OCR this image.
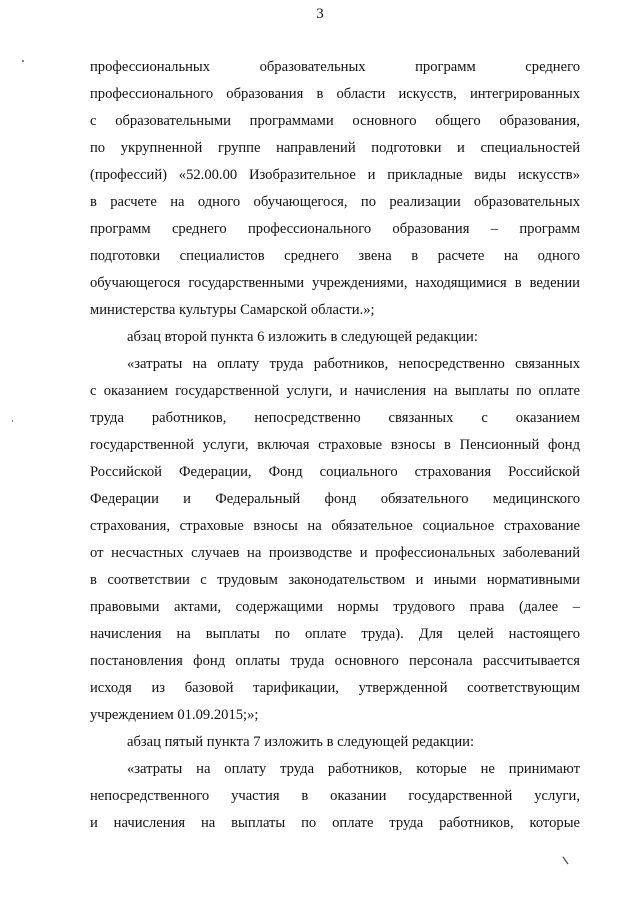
3
профессиональных образовательных программ среднего
профессионального образования в области искусств, интегрированных
с образовательными программами основного общего образования,
по укрупненной группе направлений подготовки и специальностей
(профессий) «52.00.00 Изобразительное и прикладные виды искусств»
в расчете на одного обучающегося, по реализации образовательных
программ среднего профессионального образования – программ
подготовки специалистов среднего звена в расчете на одного
обучающегося государственными учреждениями, находящимися в ведении
министерства культуры Самарской области.»;
абзац второй пункта 6 изложить в следующей редакции:
«затраты на оплату труда работников, непосредственно связанных
с оказанием государственной услуги, и начисления на выплаты по оплате
труда работников, непосредственно связанных с оказанием
государственной услуги, включая страховые взносы в Пенсионный фонд
Российской Федерации, Фонд социального страхования Российской
Федерации и Федеральный фонд обязательного медицинского
страхования, страховые взносы на обязательное социальное страхование
от несчастных случаев на производстве и профессиональных заболеваний
в соответствии с трудовым законодательством и иными нормативными
правовыми актами, содержащими нормы трудового права (далее –
начисления на выплаты по оплате труда). Для целей настоящего
постановления фонд оплаты труда основного персонала рассчитывается
исходя из базовой тарификации, утвержденной соответствующим
учреждением 01.09.2015;»;
абзац пятый пункта 7 изложить в следующей редакции:
«затраты на оплату труда работников, которые не принимают
непосредственного участия в оказании государственной услуги,
и начисления на выплаты по оплате труда работников, которые
